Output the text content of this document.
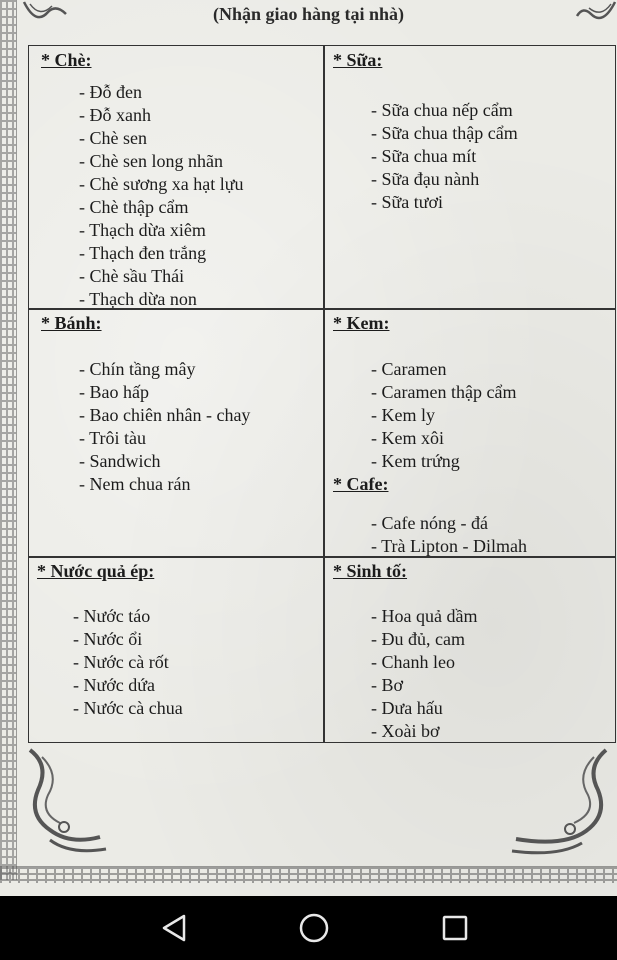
(Nhận giao hàng tại nhà)

* Chè:

- Đỗ đen
- Đỗ xanh
- Chè sen
- Chè sen long nhãn
- Chè sương xa hạt lựu
- Chè thập cẩm
- Thạch dừa xiêm
- Thạch đen trắng
- Chè sầu Thái
- Thạch dừa non

* Sữa:

- Sữa chua nếp cẩm
- Sữa chua thập cẩm
- Sữa chua mít
- Sữa đạu nành
- Sữa tươi

* Bánh:

- Chín tầng mây
- Bao hấp
- Bao chiên nhân - chay
- Trôi tàu
- Sandwich
- Nem chua rán

* Kem:

- Caramen
- Caramen thập cẩm
- Kem ly
- Kem xôi
- Kem trứng

* Cafe:

- Cafe nóng - đá
- Trà Lipton - Dilmah

* Nước quả ép:

- Nước táo
- Nước ổi
- Nước cà rốt
- Nước dứa
- Nước cà chua

* Sinh tố:

- Hoa quả dầm
- Đu đủ, cam
- Chanh leo
- Bơ
- Dưa hấu
- Xoài bơ
